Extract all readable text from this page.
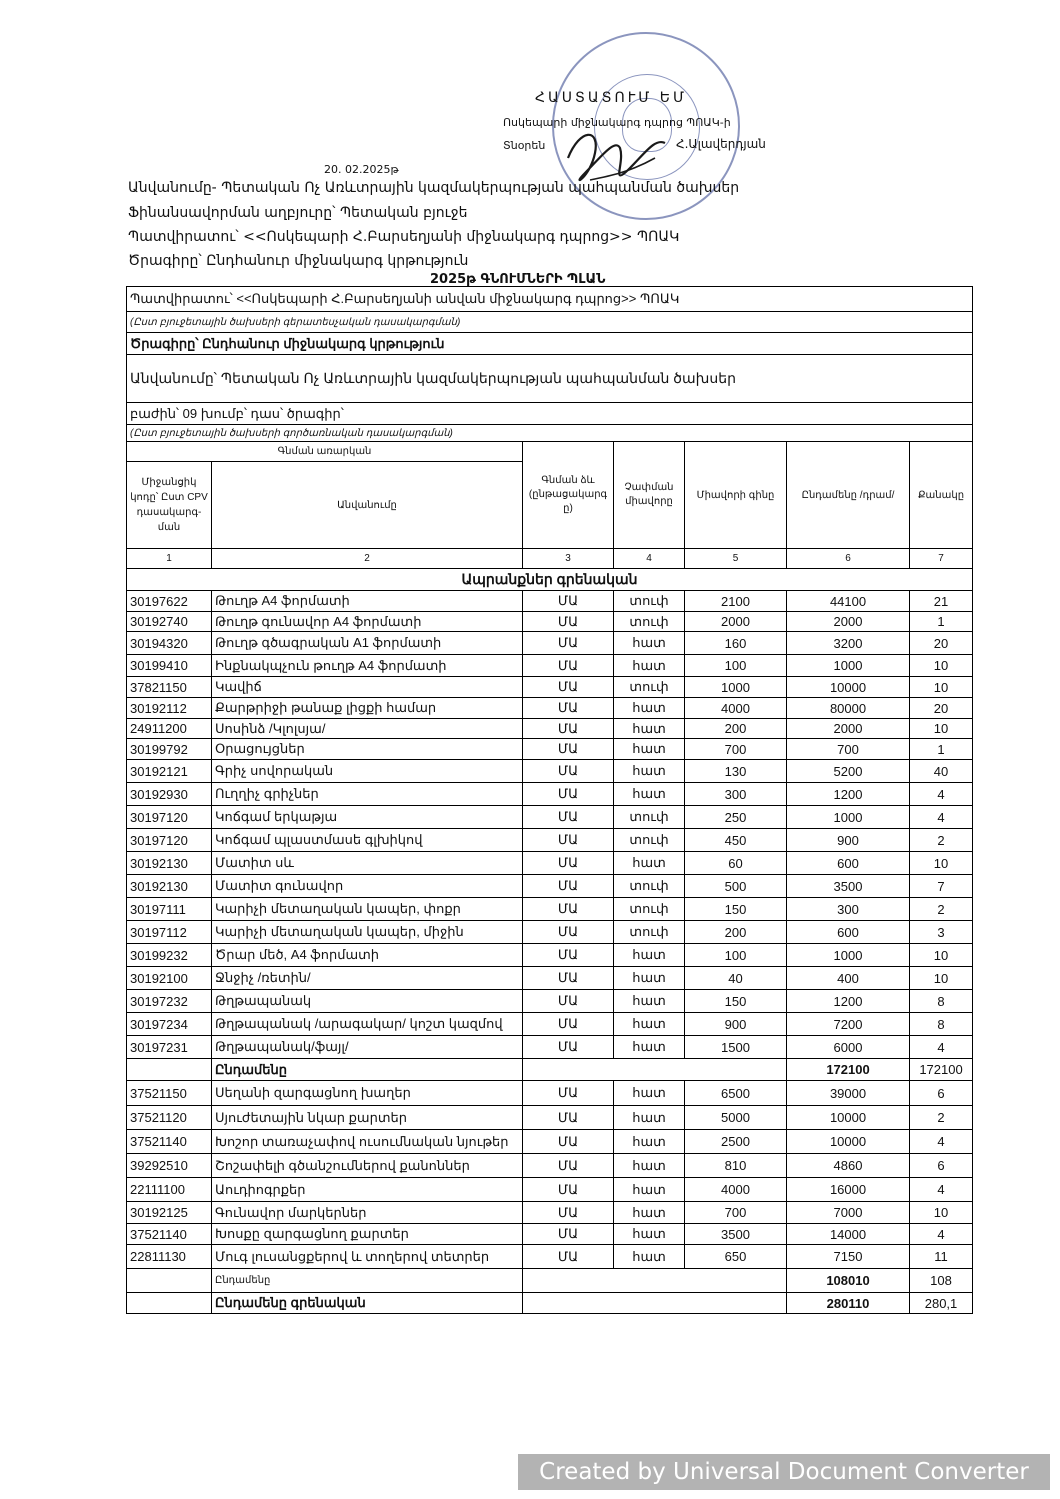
ՀԱՍՏԱՏՈՒՄ ԵՄ
Ոսկեպարի միջնակարգ դպրոց ՊՈԱԿ-ի
Տնօրեն	Հ.Ալավերդյան
20. 02.2025թ
Անվանումը- Պետական Ոչ Առևտրային կազմակերպության պահպանման ծախսեր
Ֆինանսավորման աղբյուրը՝ Պետական բյուջե
Պատվիրատու՝ <<Ոսկեպարի Հ.Բարսեղյանի միջնակարգ դպրոց>> ՊՈԱԿ
Ծրագիրը՝ Ընդհանուր միջնակարգ կրթություն
2025թ ԳՆՈՒՄՆԵՐԻ ՊԼԱՆ
Պատվիրատու՝ <<Ոսկեպարի Հ.Բարսեղյանի անվան միջնակարգ դպրոց>> ՊՈԱԿ
(Ըստ բյուջետային ծախսերի գերատեսչական դասակարգման)
Ծրագիրը՝ Ընդհանուր միջնակարգ կրթություն
Անվանումը՝ Պետական Ոչ Առևտրային կազմակերպության պահպանման ծախսեր
բաժին՝ 09 խումբ՝ դաս՝ ծրագիր՝
(Ըստ բյուջետային ծախսերի գործառնական դասակարգման)
Գնման առարկան		Գնման ձև (ընթացակարգ ը)	Չափման միավորը	Միավորի գինը	Ընդամենը /դրամ/	Քանակը
Միջանցիկ կոդը՝ Ըստ CPV դասակարգ- ման	Անվանումը					
1	2	3	4	5	6	7
Ապրանքներ գրենական						
30197622	Թուղթ A4 ֆորմատի	ՄԱ	տուփ	2100	44100	21
30192740	Թուղթ գունավոր A4 ֆորմատի	ՄԱ	տուփ	2000	2000	1
30194320	Թուղթ գծագրական A1 ֆորմատի	ՄԱ	հատ	160	3200	20
30199410	Ինքնակպչուն թուղթ A4 ֆորմատի	ՄԱ	հատ	100	1000	10
37821150	Կավիճ	ՄԱ	տուփ	1000	10000	10
30192112	Քարթրիջի թանաք լիցքի համար	ՄԱ	հատ	4000	80000	20
24911200	Սոսինձ /Կլոլսյա/	ՄԱ	հատ	200	2000	10
30199792	Օրացույցներ	ՄԱ	հատ	700	700	1
30192121	Գրիչ սովորական	ՄԱ	հատ	130	5200	40
30192930	Ուղղիչ գրիչներ	ՄԱ	հատ	300	1200	4
30197120	Կոճգամ երկաթյա	ՄԱ	տուփ	250	1000	4
30197120	Կոճգամ պլաստմասե գլխիկով	ՄԱ	տուփ	450	900	2
30192130	Մատիտ սև	ՄԱ	հատ	60	600	10
30192130	Մատիտ գունավոր	ՄԱ	տուփ	500	3500	7
30197111	Կարիչի մետաղական կապեր, փոքր	ՄԱ	տուփ	150	300	2
30197112	Կարիչի մետաղական կապեր, միջին	ՄԱ	տուփ	200	600	3
30199232	Ծրար մեծ, A4 ֆորմատի	ՄԱ	հատ	100	1000	10
30192100	Ջնջիչ /ռետին/	ՄԱ	հատ	40	400	10
30197232	Թղթապանակ	ՄԱ	հատ	150	1200	8
30197234	Թղթապանակ /արագակար/ կոշտ կազմով	ՄԱ	հատ	900	7200	8
30197231	Թղթապանակ/ֆայլ/	ՄԱ	հատ	1500	6000	4
	Ընդամենը				172100	172100
37521150	Սեղանի զարգացնող խաղեր	ՄԱ	հատ	6500	39000	6
37521120	Սյուժետային նկար քարտեր	ՄԱ	հատ	5000	10000	2
37521140	Խոշոր տառաչափով ուսումնական նյութեր	ՄԱ	հատ	2500	10000	4
39292510	Շոշափելի գծանշումներով քանոններ	ՄԱ	հատ	810	4860	6
22111100	Աուդիոգրքեր	ՄԱ	հատ	4000	16000	4
30192125	Գունավոր մարկերներ	ՄԱ	հատ	700	7000	10
37521140	Խոսքը զարգացնող քարտեր	ՄԱ	հատ	3500	14000	4
22811130	Մուգ լուսանցքերով և տողերով տետրեր	ՄԱ	հատ	650	7150	11
	Ընդամենը				108010	108
	Ընդամենը գրենական				280110	280,1
Created by Universal Document Converter
